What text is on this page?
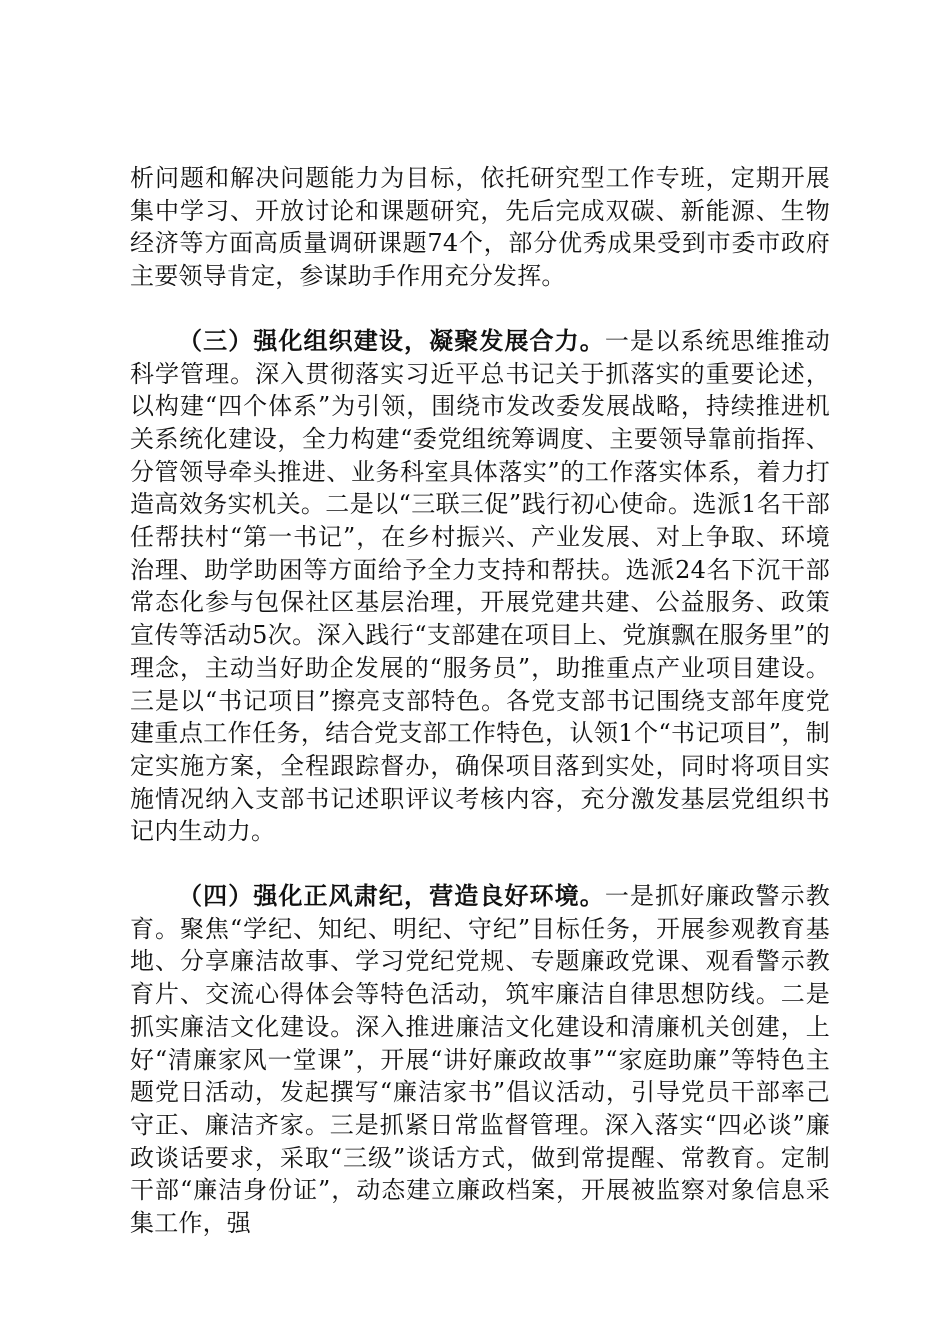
析问题和解决问题能力为目标，依托研究型工作专班，定期开展集中学习、开放讨论和课题研究，先后完成双碳、新能源、生物经济等方面高质量调研课题74个，部分优秀成果受到市委市政府主要领导肯定，参谋助手作用充分发挥。

（三）强化组织建设，凝聚发展合力。一是以系统思维推动科学管理。深入贯彻落实习近平总书记关于抓落实的重要论述，以构建“四个体系”为引领，围绕市发改委发展战略，持续推进机关系统化建设，全力构建“委党组统筹调度、主要领导靠前指挥、分管领导牵头推进、业务科室具体落实”的工作落实体系，着力打造高效务实机关。二是以“三联三促”践行初心使命。选派1名干部任帮扶村“第一书记”，在乡村振兴、产业发展、对上争取、环境治理、助学助困等方面给予全力支持和帮扶。选派24名下沉干部常态化参与包保社区基层治理，开展党建共建、公益服务、政策宣传等活动5次。深入践行“支部建在项目上、党旗飘在服务里”的理念，主动当好助企发展的“服务员”，助推重点产业项目建设。三是以“书记项目”擦亮支部特色。各党支部书记围绕支部年度党建重点工作任务，结合党支部工作特色，认领1个“书记项目”，制定实施方案，全程跟踪督办，确保项目落到实处，同时将项目实施情况纳入支部书记述职评议考核内容，充分激发基层党组织书记内生动力。

（四）强化正风肃纪，营造良好环境。一是抓好廉政警示教育。聚焦“学纪、知纪、明纪、守纪”目标任务，开展参观教育基地、分享廉洁故事、学习党纪党规、专题廉政党课、观看警示教育片、交流心得体会等特色活动，筑牢廉洁自律思想防线。二是抓实廉洁文化建设。深入推进廉洁文化建设和清廉机关创建，上好“清廉家风一堂课”，开展“讲好廉政故事”“家庭助廉”等特色主题党日活动，发起撰写“廉洁家书”倡议活动，引导党员干部率己守正、廉洁齐家。三是抓紧日常监督管理。深入落实“四必谈”廉政谈话要求，采取“三级”谈话方式，做到常提醒、常教育。定制干部“廉洁身份证”，动态建立廉政档案，开展被监察对象信息采集工作，强
